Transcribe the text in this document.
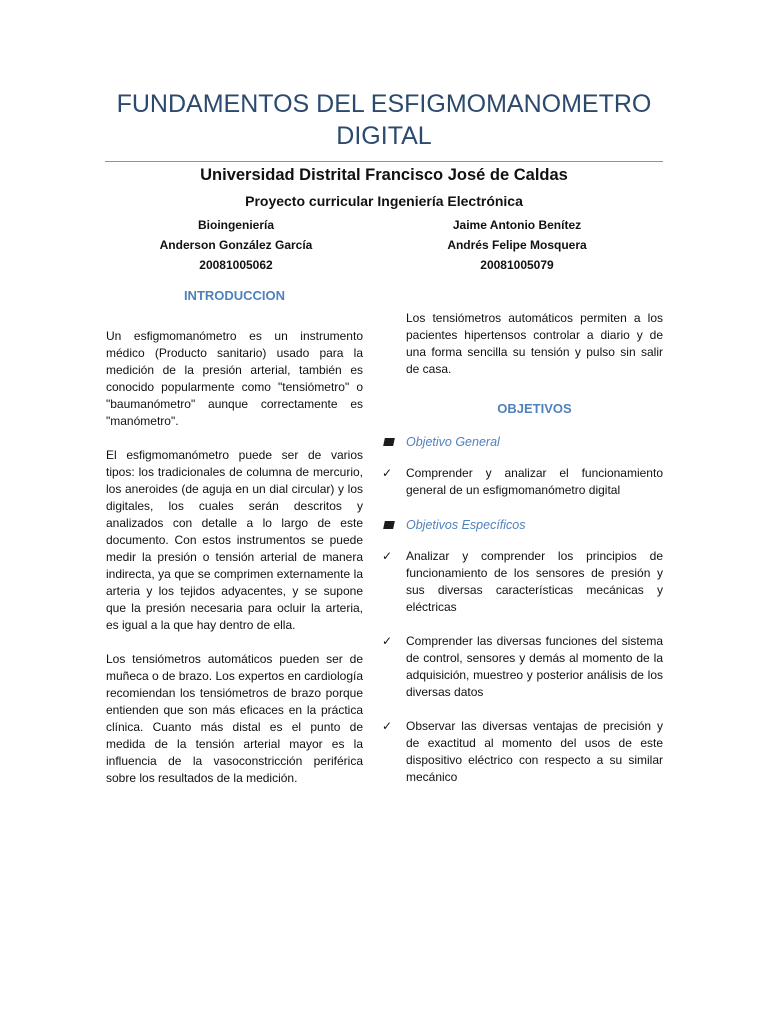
FUNDAMENTOS DEL ESFIGMOMANOMETRO
DIGITAL
Universidad Distrital Francisco José de Caldas
Proyecto curricular Ingeniería Electrónica
Bioingeniería
Anderson González García
20081005062
Jaime Antonio Benítez
Andrés Felipe Mosquera
20081005079
INTRODUCCION

Un esfigmomanómetro es un instrumento médico (Producto sanitario) usado para la medición de la presión arterial, también es conocido popularmente como "tensiómetro" o "baumanómetro" aunque correctamente es "manómetro".

El esfigmomanómetro puede ser de varios tipos: los tradicionales de columna de mercurio, los aneroides (de aguja en un dial circular) y los digitales, los cuales serán descritos y analizados con detalle a lo largo de este documento. Con estos instrumentos se puede medir la presión o tensión arterial de manera indirecta, ya que se comprimen externamente la arteria y los tejidos adyacentes, y se supone que la presión necesaria para ocluir la arteria, es igual a la que hay dentro de ella.

Los tensiómetros automáticos pueden ser de muñeca o de brazo. Los expertos en cardiología recomiendan los tensiómetros de brazo porque entienden que son más eficaces en la práctica clínica. Cuanto más distal es el punto de medida de la tensión arterial mayor es la influencia de la vasoconstricción periférica sobre los resultados de la medición.

Los tensiómetros automáticos permiten a los pacientes hipertensos controlar a diario y de una forma sencilla su tensión y pulso sin salir de casa.

OBJETIVOS
Objetivo General
✓ Comprender y analizar el funcionamiento general de un esfigmomanómetro digital
Objetivos Específicos
✓ Analizar y comprender los principios de funcionamiento de los sensores de presión y sus diversas características mecánicas y eléctricas
✓ Comprender las diversas funciones del sistema de control, sensores y demás al momento de la adquisición, muestreo y posterior análisis de los diversas datos
✓ Observar las diversas ventajas de precisión y de exactitud al momento del usos de este dispositivo eléctrico con respecto a su similar mecánico
